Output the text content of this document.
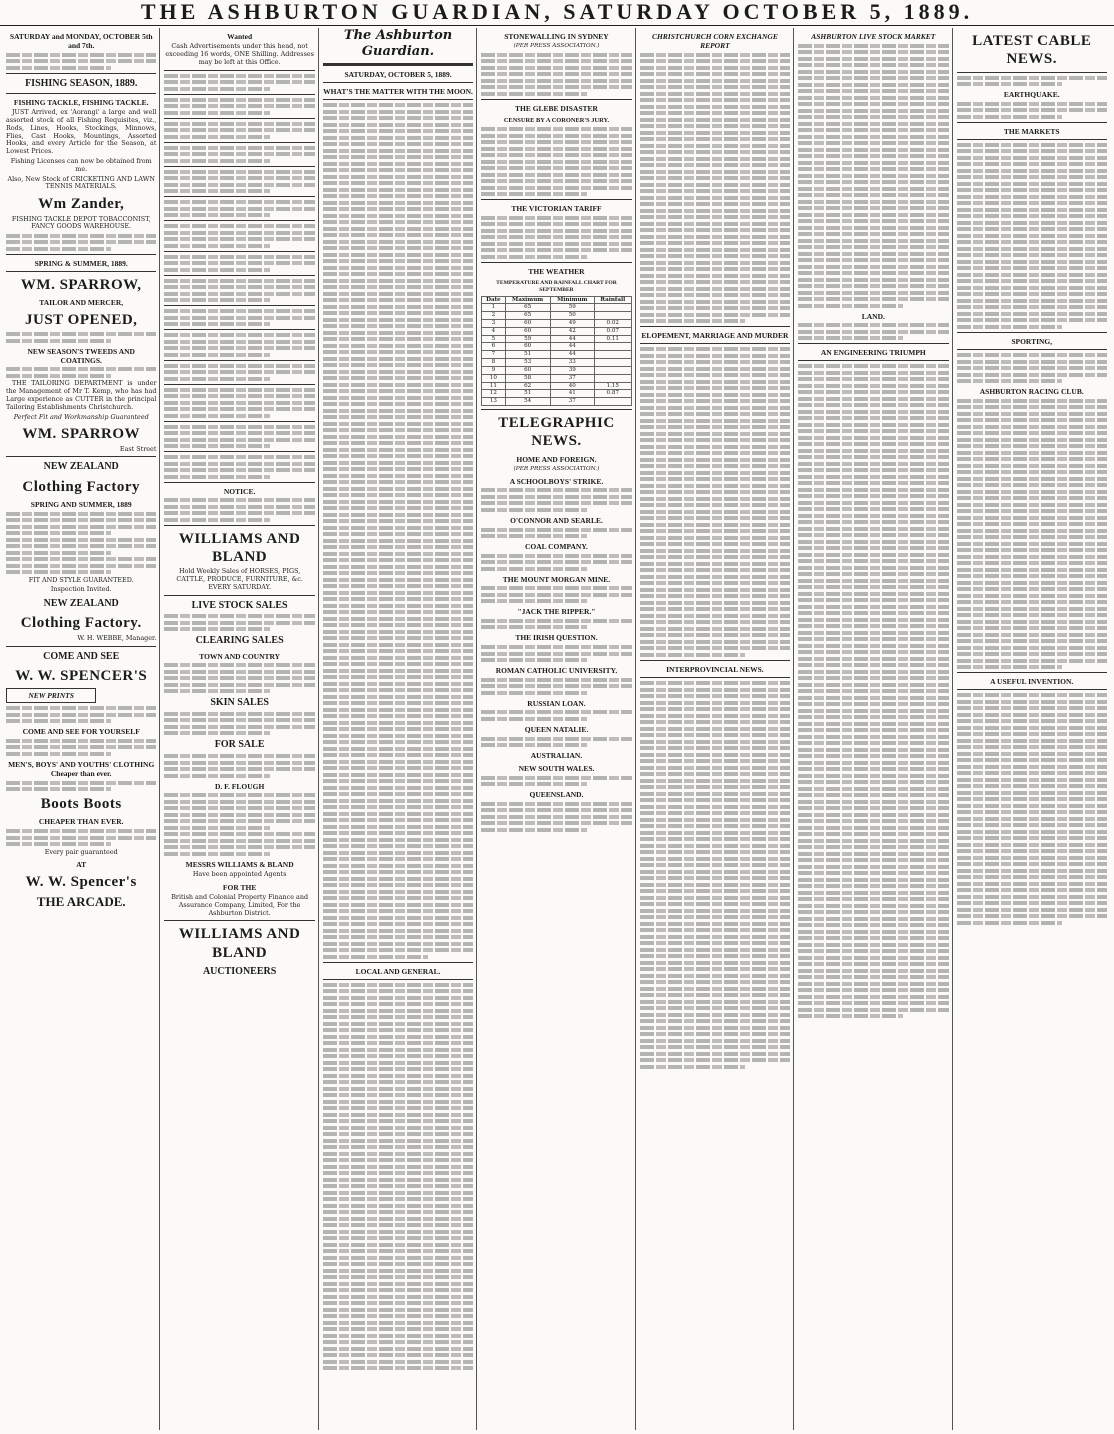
THE ASHBURTON GUARDIAN, SATURDAY OCTOBER 5, 1889.
SATURDAY and MONDAY, OCTOBER 5th and 7th.
FISHING SEASON, 1889.
FISHING TACKLE, FISHING TACKLE.

JUST Arrived, ex 'Aorangi' a large and well assorted stock of all Fishing Requisites, viz., Rods, Lines, Hooks, Stockings, Minnows, Flies, Cast Hooks, Mountings, Assorted Hooks, and every Article for the Season, at Lowest Prices.

Fishing Licenses can now be obtained from me.

Also, New Stock of CRICKETING AND LAWN TENNIS MATERIALS.

Wm Zander,

FISHING TACKLE DEPOT TOBACCONIST, FANCY GOODS WAREHOUSE.

SPRING & SUMMER, 1889.
WM. SPARROW,
TAILOR AND MERCER,
JUST OPENED,
NEW SEASON'S TWEEDS AND COATINGS.

THE TAILORING DEPARTMENT is under the Management of Mr T. Kemp, who has had Large experience as CUTTER in the principal Tailoring Establishments Christchurch.

Perfect Fit and Workmanship Guaranteed

WM. SPARROW

East Street

NEW ZEALAND
Clothing Factory
SPRING AND SUMMER, 1889

FIT AND STYLE GUARANTEED.

Inspection Invited.

NEW ZEALAND
Clothing Factory.

W. H. WEBBE, Manager.

COME AND SEE
W. W. SPENCER'S
NEW PRINTS
COME AND SEE FOR YOURSELF
MEN'S, BOYS' AND YOUTHS' CLOTHING Cheaper than ever.
Boots Boots
CHEAPER THAN EVER.

Every pair guaranteed

AT
W. W. Spencer's
THE ARCADE.
Wanted

Cash Advertisements under this head, not exceeding 16 words, ONE Shilling. Addresses may be left at this Office.

NOTICE.
WILLIAMS AND BLAND

Hold Weekly Sales of HORSES, PIGS, CATTLE, PRODUCE, FURNITURE, &c. EVERY SATURDAY.

LIVE STOCK SALES
CLEARING SALES
TOWN AND COUNTRY
SKIN SALES
FOR SALE
D. F. FLOUGH
MESSRS WILLIAMS & BLAND

Have been appointed Agents

FOR THE

British and Colonial Property Finance and Assurance Company, Limited, For the Ashburton District.

WILLIAMS AND BLAND
AUCTIONEERS
The Ashburton Guardian.
SATURDAY, OCTOBER 5, 1889.
WHAT'S THE MATTER WITH THE MOON.
LOCAL AND GENERAL.
STONEWALLING IN SYDNEY
(PER PRESS ASSOCIATION.)
THE GLEBE DISASTER
CENSURE BY A CORONER'S JURY.
THE VICTORIAN TARIFF
THE WEATHER
TEMPERATURE AND RAINFALL CHART FOR SEPTEMBER
Date	Maximum	Minimum	Rainfall
1	65	59	
2	65	50	
3	60	49	0.02
4	60	42	0.07
5	59	44	0.11
6	60	44	
7	51	44	
8	53	33	
9	60	39	
10	58	37	
11	62	40	1.15
12	51	41	0.87
13	54	37	
TELEGRAPHIC NEWS.
HOME AND FOREIGN.
(PER PRESS ASSOCIATION.)
A SCHOOLBOYS' STRIKE.
O'CONNOR AND SEARLE.
COAL COMPANY.
THE MOUNT MORGAN MINE.
"JACK THE RIPPER."
THE IRISH QUESTION.
ROMAN CATHOLIC UNIVERSITY.
RUSSIAN LOAN.
QUEEN NATALIE.
AUSTRALIAN.
NEW SOUTH WALES.
QUEENSLAND.
CHRISTCHURCH CORN EXCHANGE REPORT
ELOPEMENT, MARRIAGE AND MURDER
INTERPROVINCIAL NEWS.
ASHBURTON LIVE STOCK MARKET
LAND.
AN ENGINEERING TRIUMPH
LATEST CABLE NEWS.
EARTHQUAKE.
THE MARKETS
SPORTING,
ASHBURTON RACING CLUB.
A USEFUL INVENTION.
